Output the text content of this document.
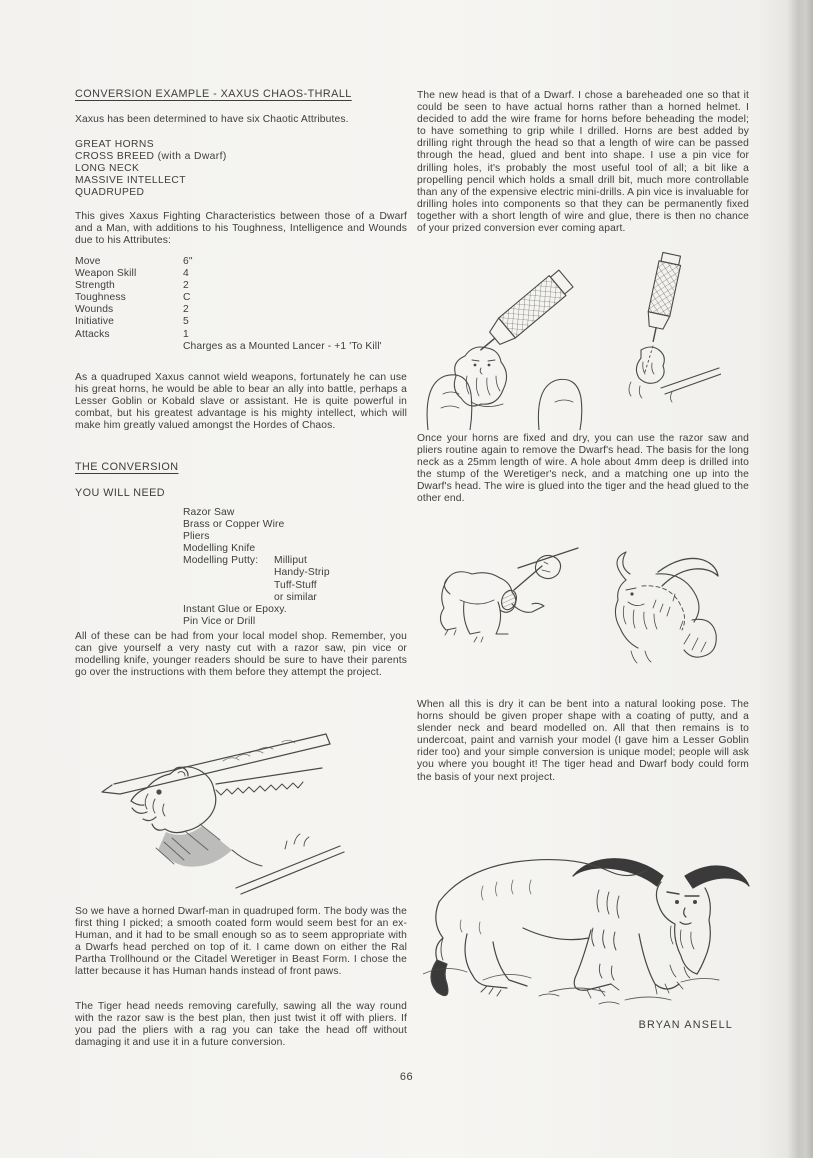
CONVERSION EXAMPLE - XAXUS CHAOS-THRALL
Xaxus has been determined to have six Chaotic Attributes.
GREAT HORNS
CROSS BREED (with a Dwarf)
LONG NECK
MASSIVE INTELLECT
QUADRUPED
This gives Xaxus Fighting Characteristics between those of a Dwarf and a Man, with additions to his Toughness, Intelligence and Wounds due to his Attributes:
Move	6"
Weapon Skill	4
Strength	2
Toughness	C
Wounds	2
Initiative	5
Attacks	1
Charges as a Mounted Lancer - +1 'To Kill'
As a quadruped Xaxus cannot wield weapons, fortunately he can use his great horns, he would be able to bear an ally into battle, perhaps a Lesser Goblin or Kobald slave or assistant. He is quite powerful in combat, but his greatest advantage is his mighty intellect, which will make him greatly valued amongst the Hordes of Chaos.
THE CONVERSION
YOU WILL NEED
Razor Saw
Brass or Copper Wire
Pliers
Modelling Knife
Modelling Putty:	Milliput
Handy-Strip
Tuff-Stuff
or similar
Instant Glue or Epoxy.
Pin Vice or Drill
All of these can be had from your local model shop. Remember, you can give yourself a very nasty cut with a razor saw, pin vice or modelling knife, younger readers should be sure to have their parents go over the instructions with them before they attempt the project.
So we have a horned Dwarf-man in quadruped form. The body was the first thing I picked; a smooth coated form would seem best for an ex-Human, and it had to be small enough so as to seem appropriate with a Dwarfs head perched on top of it. I came down on either the Ral Partha Trollhound or the Citadel Weretiger in Beast Form. I chose the latter because it has Human hands instead of front paws.
The Tiger head needs removing carefully, sawing all the way round with the razor saw is the best plan, then just twist it off with pliers. If you pad the pliers with a rag you can take the head off without damaging it and use it in a future conversion.
The new head is that of a Dwarf. I chose a bareheaded one so that it could be seen to have actual horns rather than a horned helmet. I decided to add the wire frame for horns before beheading the model; to have something to grip while I drilled. Horns are best added by drilling right through the head so that a length of wire can be passed through the head, glued and bent into shape. I use a pin vice for drilling holes, it's probably the most useful tool of all; a bit like a propelling pencil which holds a small drill bit, much more controllable than any of the expensive electric mini-drills. A pin vice is invaluable for drilling holes into components so that they can be permanently fixed together with a short length of wire and glue, there is then no chance of your prized conversion ever coming apart.
Once your horns are fixed and dry, you can use the razor saw and pliers routine again to remove the Dwarf's head. The basis for the long neck as a 25mm length of wire. A hole about 4mm deep is drilled into the stump of the Weretiger's neck, and a matching one up into the Dwarf's head. The wire is glued into the tiger and the head glued to the other end.
When all this is dry it can be bent into a natural looking pose. The horns should be given proper shape with a coating of putty, and a slender neck and beard modelled on. All that then remains is to undercoat, paint and varnish your model (I gave him a Lesser Goblin rider too) and your simple conversion is unique model; people will ask you where you bought it! The tiger head and Dwarf body could form the basis of your next project.
BRYAN ANSELL
66
